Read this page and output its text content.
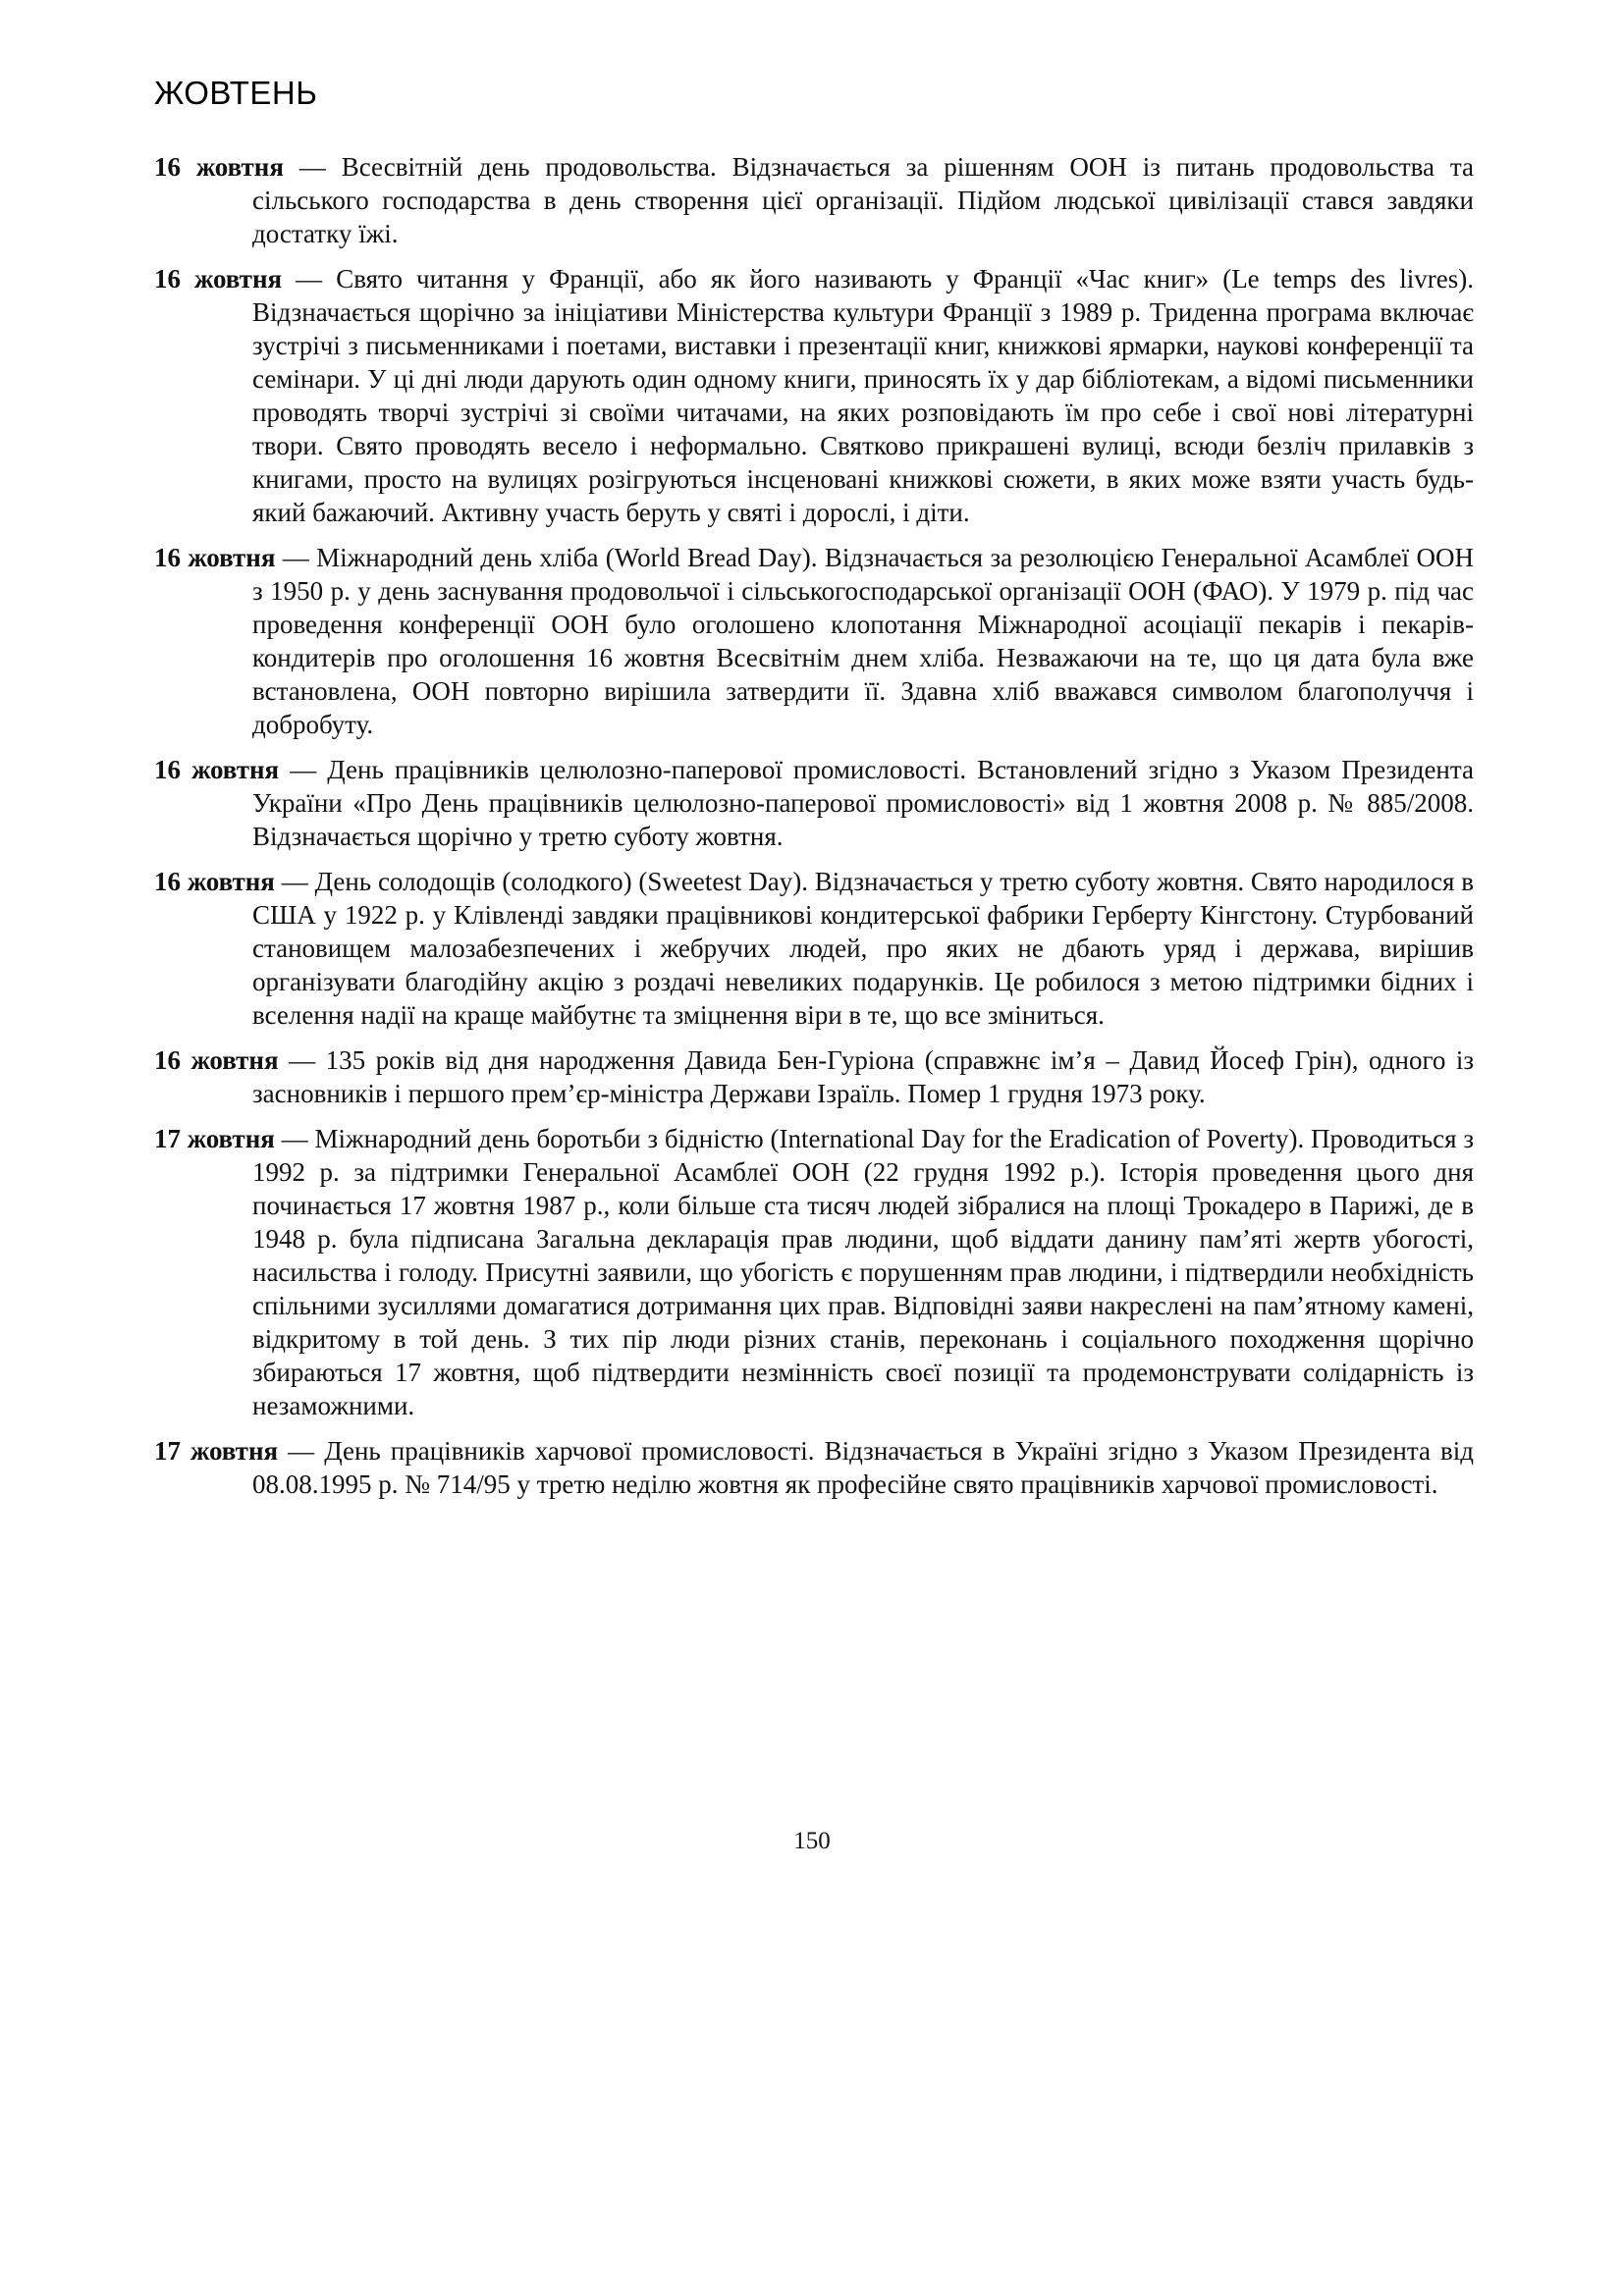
ЖОВТЕНЬ

16 жовтня — Всесвітній день продовольства. Відзначається за рішенням ООН із питань продовольства та сільського господарства в день створення цієї організації. Підйом людської цивілізації стався завдяки достатку їжі.

16 жовтня — Свято читання у Франції, або як його називають у Франції «Час книг» (Le temps des livres). Відзначається щорічно за ініціативи Міністерства культури Франції з 1989 р. Триденна програма включає зустрічі з письменниками і поетами, виставки і презентації книг, книжкові ярмарки, наукові конференції та семінари. У ці дні люди дарують один одному книги, приносять їх у дар бібліотекам, а відомі письменники проводять творчі зустрічі зі своїми читачами, на яких розповідають їм про себе і свої нові літературні твори. Свято проводять весело і неформально. Святково прикрашені вулиці, всюди безліч прилавків з книгами, просто на вулицях розігруються інсценовані книжкові сюжети, в яких може взяти участь будь-який бажаючий. Активну участь беруть у святі і дорослі, і діти.

16 жовтня — Міжнародний день хліба (World Bread Day). Відзначається за резолюцією Генеральної Асамблеї ООН з 1950 р. у день заснування продовольчої і сільськогосподарської організації ООН (ФАО). У 1979 р. під час проведення конференції ООН було оголошено клопотання Міжнародної асоціації пекарів і пекарів-кондитерів про оголошення 16 жовтня Всесвітнім днем хліба. Незважаючи на те, що ця дата була вже встановлена, ООН повторно вирішила затвердити її. Здавна хліб вважався символом благополуччя і добробуту.

16 жовтня — День працівників целюлозно-паперової промисловості. Встановлений згідно з Указом Президента України «Про День працівників целюлозно-паперової промисловості» від 1 жовтня 2008 р. № 885/2008. Відзначається щорічно у третю суботу жовтня.

16 жовтня — День солодощів (солодкого) (Sweetest Day). Відзначається у третю суботу жовтня. Свято народилося в США у 1922 р. у Клівленді завдяки працівникові кондитерської фабрики Герберту Кінгстону. Стурбований становищем малозабезпечених і жебручих людей, про яких не дбають уряд і держава, вирішив організувати благодійну акцію з роздачі невеликих подарунків. Це робилося з метою підтримки бідних і вселення надії на краще майбутнє та зміцнення віри в те, що все зміниться.

16 жовтня — 135 років від дня народження Давида Бен-Гуріона (справжнє ім’я – Давид Йосеф Грін), одного із засновників і першого прем’єр-міністра Держави Ізраїль. Помер 1 грудня 1973 року.

17 жовтня — Міжнародний день боротьби з бідністю (International Day for the Eradication of Poverty). Проводиться з 1992 р. за підтримки Генеральної Асамблеї ООН (22 грудня 1992 р.). Історія проведення цього дня починається 17 жовтня 1987 р., коли більше ста тисяч людей зібралися на площі Трокадеро в Парижі, де в 1948 р. була підписана Загальна декларація прав людини, щоб віддати данину пам’яті жертв убогості, насильства і голоду. Присутні заявили, що убогість є порушенням прав людини, і підтвердили необхідність спільними зусиллями домагатися дотримання цих прав. Відповідні заяви накреслені на пам’ятному камені, відкритому в той день. З тих пір люди різних станів, переконань і соціального походження щорічно збираються 17 жовтня, щоб підтвердити незмінність своєї позиції та продемонструвати солідарність із незаможними.

17 жовтня — День працівників харчової промисловості. Відзначається в Україні згідно з Указом Президента від 08.08.1995 р. № 714/95 у третю неділю жовтня як професійне свято працівників харчової промисловості.

150
